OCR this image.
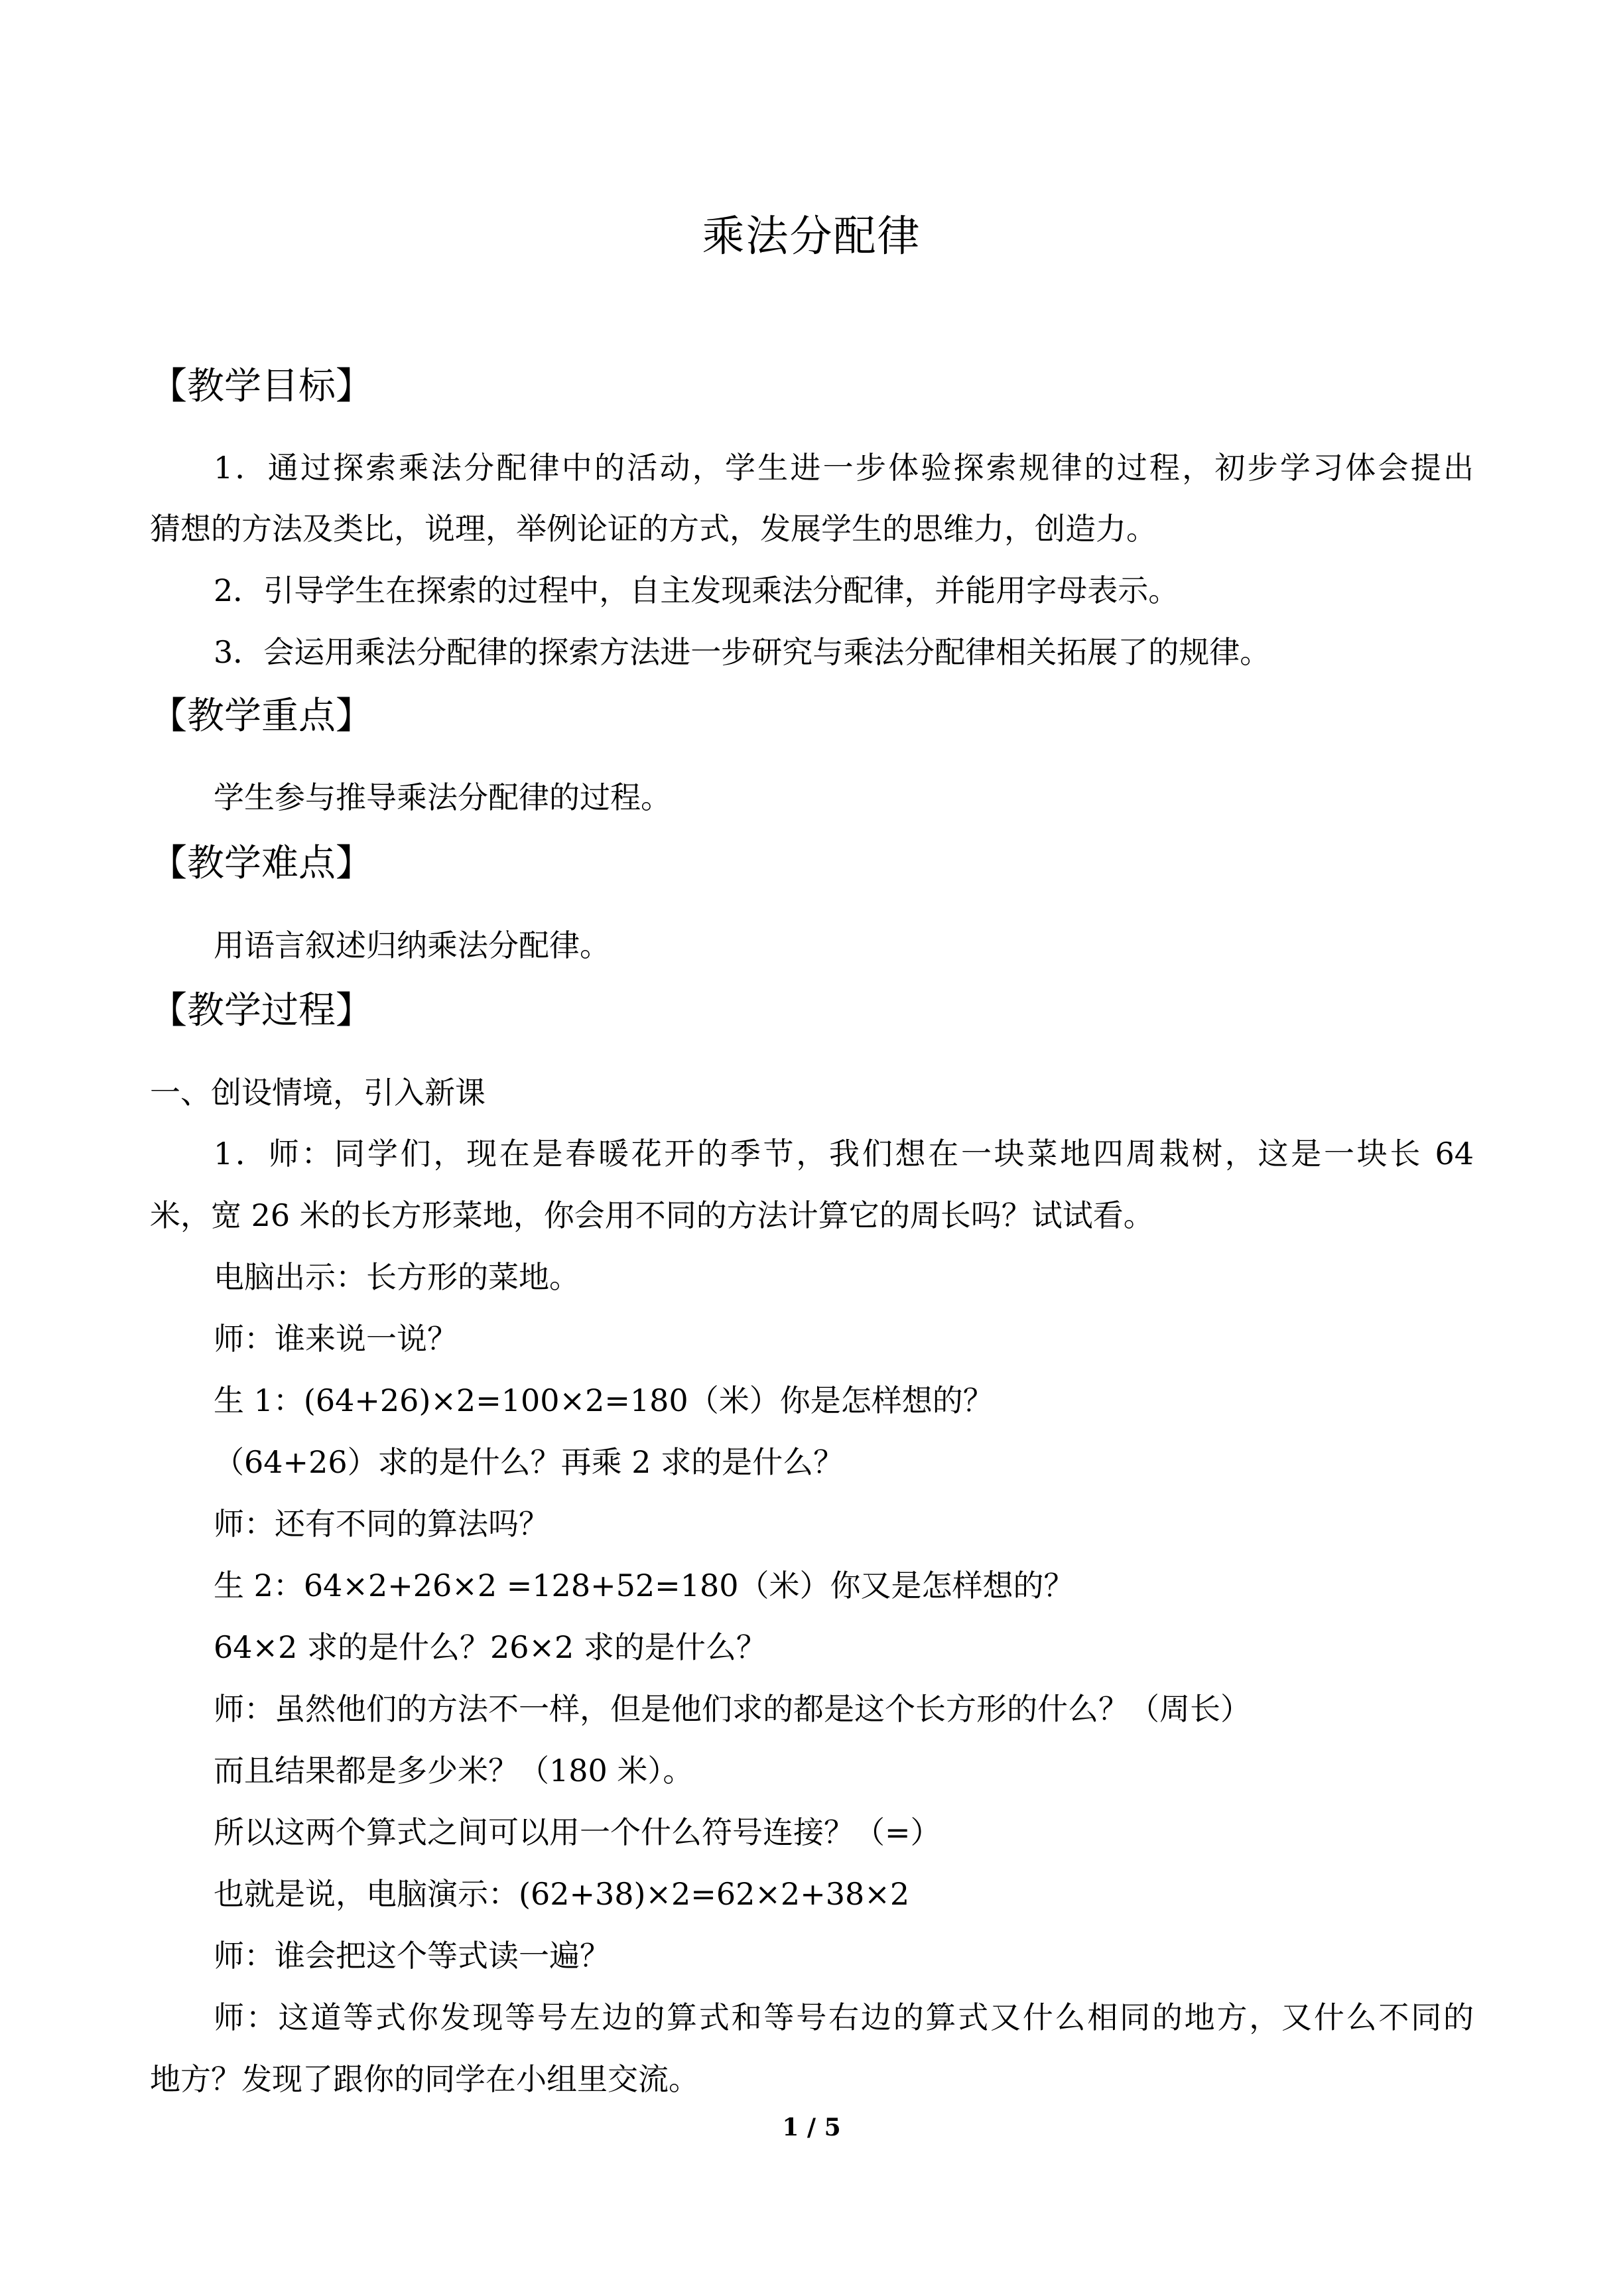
乘法分配律
【教学目标】
1．通过探索乘法分配律中的活动，学生进一步体验探索规律的过程，初步学习体会提出
猜想的方法及类比，说理，举例论证的方式，发展学生的思维力，创造力。
2．引导学生在探索的过程中，自主发现乘法分配律，并能用字母表示。
3．会运用乘法分配律的探索方法进一步研究与乘法分配律相关拓展了的规律。
【教学重点】
学生参与推导乘法分配律的过程。
【教学难点】
用语言叙述归纳乘法分配律。
【教学过程】
一、创设情境，引入新课
1．师：同学们，现在是春暖花开的季节，我们想在一块菜地四周栽树，这是一块长 64
米，宽 26 米的长方形菜地，你会用不同的方法计算它的周长吗？试试看。
电脑出示：长方形的菜地。
师：谁来说一说？
生 1：(64+26)×2=100×2=180（米）你是怎样想的？
（64+26）求的是什么？再乘 2 求的是什么？
师：还有不同的算法吗？
生 2：64×2+26×2 =128+52=180（米）你又是怎样想的？
64×2 求的是什么？26×2 求的是什么？
师：虽然他们的方法不一样，但是他们求的都是这个长方形的什么？（周长）
而且结果都是多少米？（180 米）。
所以这两个算式之间可以用一个什么符号连接？（=）
也就是说，电脑演示：(62+38)×2=62×2+38×2
师：谁会把这个等式读一遍？
师：这道等式你发现等号左边的算式和等号右边的算式又什么相同的地方，又什么不同的
地方？发现了跟你的同学在小组里交流。
1 / 5
